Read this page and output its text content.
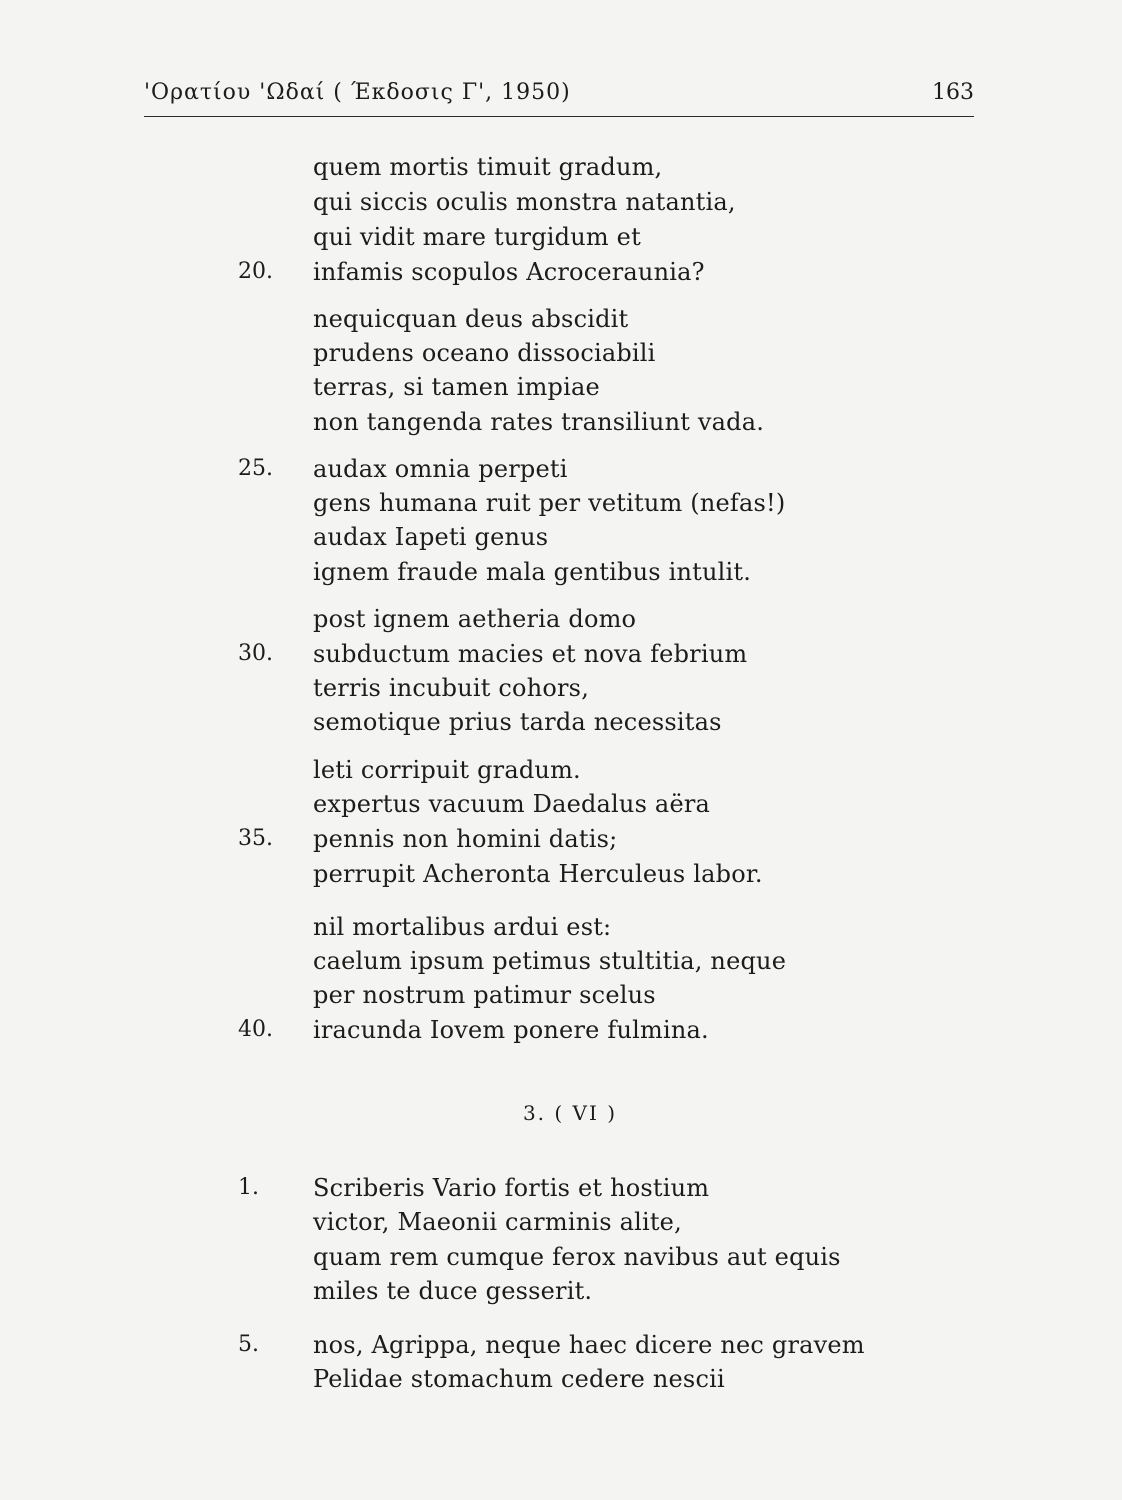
'Ορατίου 'Ωδαί ( Έκδοσις Γ', 1950)	163
quem mortis timuit gradum,
qui siccis oculis monstra natantia,
qui vidit mare turgidum et
20.	infamis scopulos Acroceraunia?
nequicquan deus abscidit
prudens oceano dissociabili
terras, si tamen impiae
non tangenda rates transiliunt vada.
25.	audax omnia perpeti
gens humana ruit per vetitum (nefas!)
audax Iapeti genus
ignem fraude mala gentibus intulit.
post ignem aetheria domo
30.	subductum macies et nova febrium
terris incubuit cohors,
semotique prius tarda necessitas
leti corripuit gradum.
expertus vacuum Daedalus aëra
35.	pennis non homini datis;
perrupit Acheronta Herculeus labor.
nil mortalibus ardui est:
caelum ipsum petimus stultitia, neque
per nostrum patimur scelus
40.	iracunda Iovem ponere fulmina.
3. ( VI )
1.	Scriberis Vario fortis et hostium
victor, Maeonii carminis alite,
quam rem cumque ferox navibus aut equis
miles te duce gesserit.
5.	nos, Agrippa, neque haec dicere nec gravem
Pelidae stomachum cedere nescii
